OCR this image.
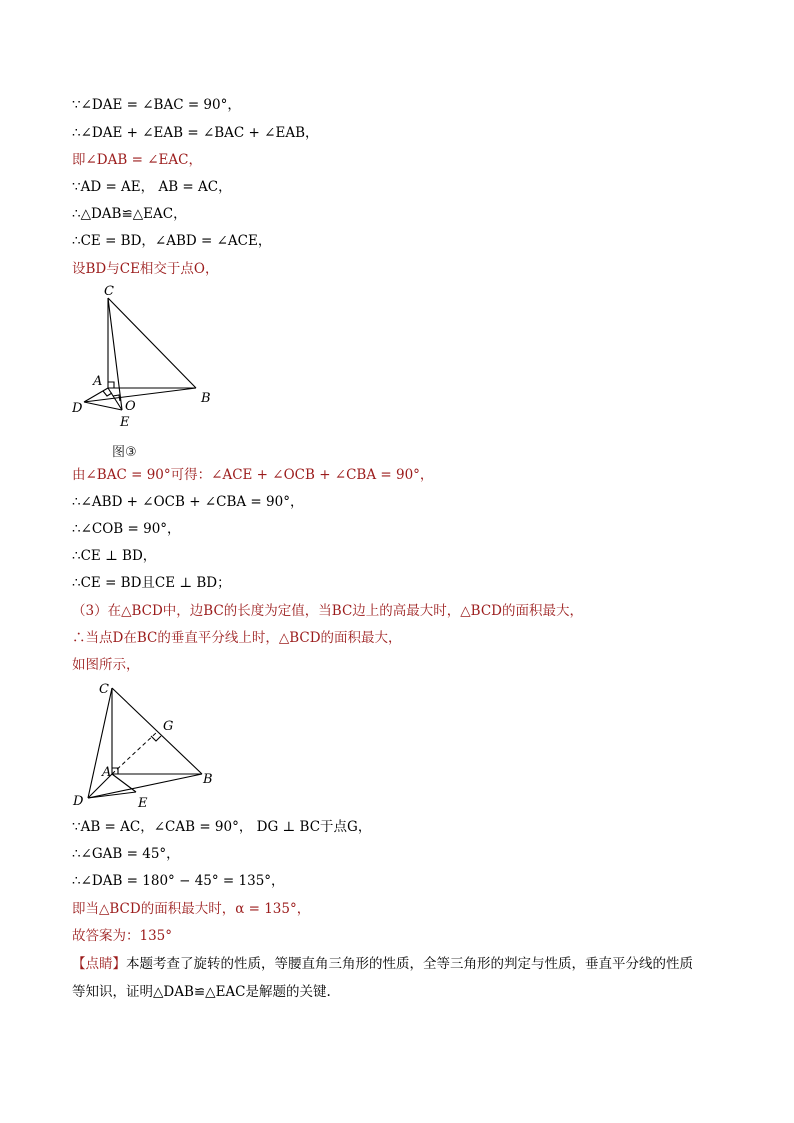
∵∠DAE = ∠BAC = 90°，
∴∠DAE + ∠EAB = ∠BAC + ∠EAB，
即∠DAB = ∠EAC，
∵AD = AE， AB = AC，
∴△DAB≌△EAC，
∴CE = BD，∠ABD = ∠ACE，
设BD与CE相交于点O，
C
A
B
D	O
E
图③
由∠BAC = 90°可得：∠ACE + ∠OCB + ∠CBA = 90°，
∴∠ABD + ∠OCB + ∠CBA = 90°，
∴∠COB = 90°，
∴CE ⊥ BD，
∴CE = BD且CE ⊥ BD；
（3）在△BCD中，边BC的长度为定值，当BC边上的高最大时，△BCD的面积最大，
∴当点D在BC的垂直平分线上时，△BCD的面积最大，
如图所示，
C
G
A	B
D	E
∵AB = AC，∠CAB = 90°， DG ⊥ BC于点G，
∴∠GAB = 45°，
∴∠DAB = 180° − 45° = 135°，
即当△BCD的面积最大时，α = 135°，
故答案为：135°
【点睛】本题考查了旋转的性质，等腰直角三角形的性质，全等三角形的判定与性质，垂直平分线的性质
等知识，证明△DAB≌△EAC是解题的关键.
